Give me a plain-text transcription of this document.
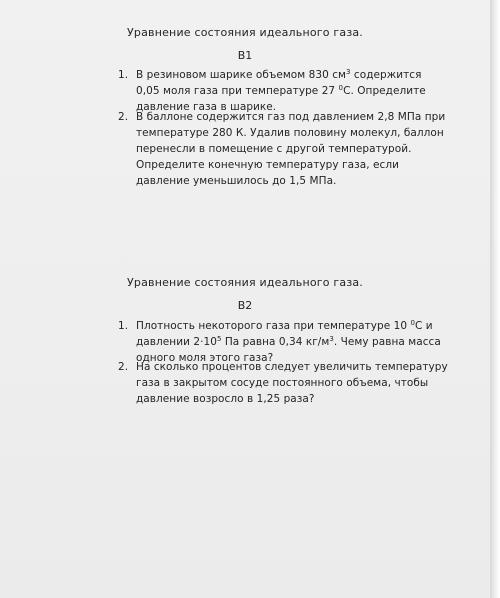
Уравнение состояния идеального газа.
В1
1. В резиновом шарике объемом 830 $см^3$ содержится
0,05 моля газа при температуре 27 $^0$С. Определите
давление газа в шарике.
2. В баллоне содержится газ под давлением 2,8 МПа при
температуре 280 К. Удалив половину молекул, баллон
перенесли в помещение с другой температурой.
Определите конечную температуру газа, если
давление уменьшилось до 1,5 МПа.
Уравнение состояния идеального газа.
В2
1. Плотность некоторого газа при температуре 10 $^0$С и
давлении $2\cdot 10^5$ Па равна 0,34 $кг/м^3$. Чему равна масса
одного моля этого газа?
2. На сколько процентов следует увеличить температуру
газа в закрытом сосуде постоянного объема, чтобы
давление возросло в 1,25 раза?
